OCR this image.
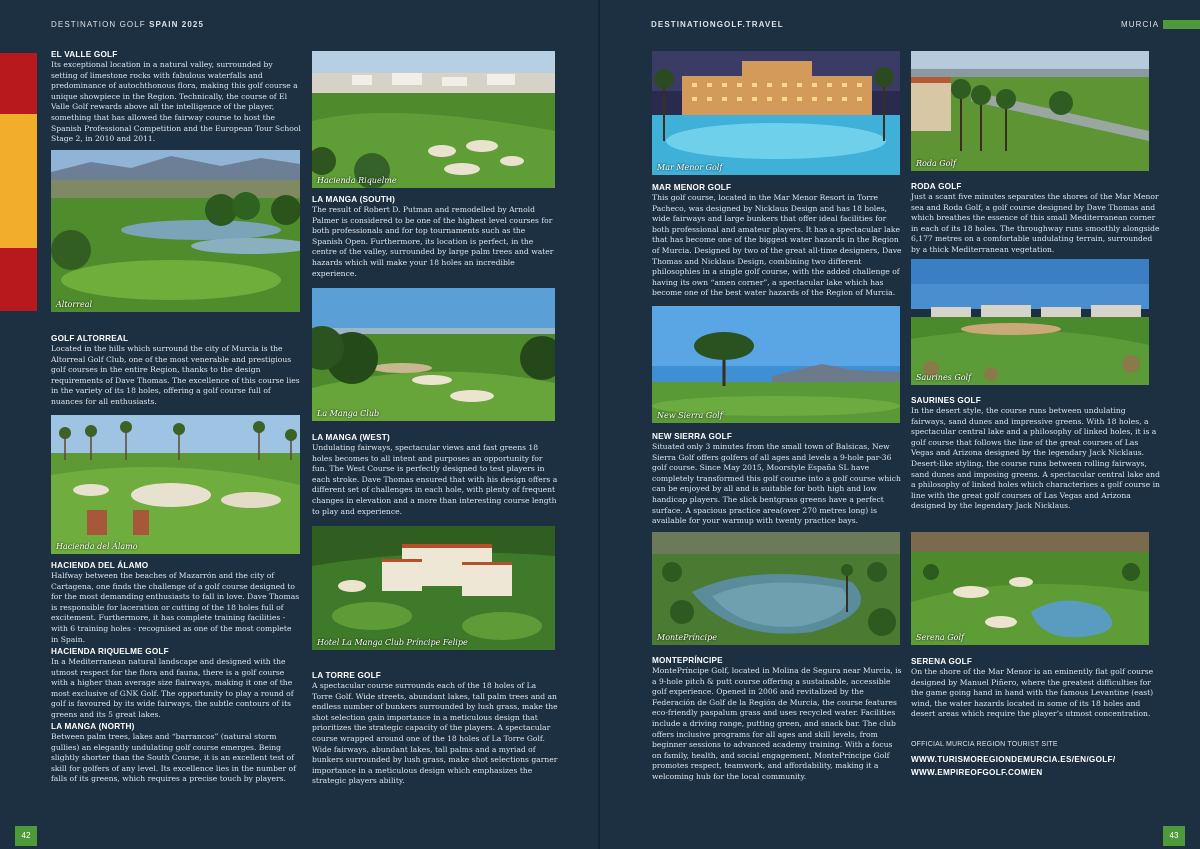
DESTINATION GOLF SPAIN 2025
EL VALLE GOLF
Its exceptional location in a natural valley, surrounded by setting of limestone rocks with fabulous waterfalls and predominance of autochthonous flora, making this golf course a unique showpiece in the Region. Technically, the course of El Valle Golf rewards above all the intelligence of the player, something that has allowed the fairway course to host the Spanish Professional Competition and the European Tour School Stage 2, in 2010 and 2011.
Altorreal
GOLF ALTORREAL
Located in the hills which surround the city of Murcia is the Altorreal Golf Club, one of the most venerable and prestigious golf courses in the entire Region, thanks to the design requirements of Dave Thomas. The excellence of this course lies in the variety of its 18 holes, offering a golf course full of nuances for all enthusiasts.
Hacienda del Álamo
HACIENDA DEL ÁLAMO
Halfway between the beaches of Mazarrón and the city of Cartagena, one finds the challenge of a golf course designed to for the most demanding enthusiasts to fall in love. Dave Thomas is responsible for laceration or cutting of the 18 holes full of excitement. Furthermore, it has complete training facilities - with 6 training holes - recognised as one of the most complete in Spain.
HACIENDA RIQUELME GOLF
In a Mediterranean natural landscape and designed with the utmost respect for the flora and fauna, there is a golf course with a higher than average size flairways, making it one of the most exclusive of GNK Golf. The opportunity to play a round of golf is favoured by its wide fairways, the subtle contours of its greens and its 5 great lakes.
LA MANGA (NORTH)
Between palm trees, lakes and “barrancos” (natural storm gullies) an elegantly undulating golf course emerges. Being slightly shorter than the South Course, it is an excellent test of skill for golfers of any level. Its excellence lies in the number of falls of its greens, which requires a precise touch by players.
Hacienda Riquelme
LA MANGA (SOUTH)
The result of Robert D. Putman and remodelled by Arnold Palmer is considered to be one of the highest level courses for both professionals and for top tournaments such as the Spanish Open. Furthermore, its location is perfect, in the centre of the valley, surrounded by large palm trees and water hazards which will make your 18 holes an incredible experience.
La Manga Club
LA MANGA (WEST)
Undulating fairways, spectacular views and fast greens 18 holes becomes to all intent and purposes an opportunity for fun. The West Course is perfectly designed to test players in each stroke. Dave Thomas ensured that with his design offers a different set of challenges in each hole, with plenty of frequent changes in elevation and a more than interesting course length to play and experience.
Hotel La Manga Club Príncipe Felipe
LA TORRE GOLF
A spectacular course surrounds each of the 18 holes of La Torre Golf. Wide streets, abundant lakes, tall palm trees and an endless number of bunkers surrounded by lush grass, make the shot selection gain importance in a meticulous design that prioritizes the strategic capacity of the players. A spectacular course wrapped around one of the 18 holes of La Torre Golf. Wide fairways, abundant lakes, tall palms and a myriad of bunkers surrounded by lush grass, make shot selections garner importance in a meticulous design which emphasizes the strategic players ability.
42
DESTINATIONGOLF.TRAVEL	MURCIA
Mar Menor Golf
MAR MENOR GOLF
This golf course, located in the Mar Menor Resort in Torre Pacheco, was designed by Nicklaus Design and has 18 holes, wide fairways and large bunkers that offer ideal facilities for both professional and amateur players. It has a spectacular lake that has become one of the biggest water hazards in the Region of Murcia. Designed by two of the great all-time designers, Dave Thomas and Nicklaus Design, combining two different philosophies in a single golf course, with the added challenge of having its own “amen corner”, a spectacular lake which has become one of the best water hazards of the Region of Murcia.
New Sierra Golf
NEW SIERRA GOLF
Situated only 3 minutes from the small town of Balsicas, New Sierra Golf offers golfers of all ages and levels a 9-hole par-36 golf course. Since May 2015, Moorstyle España SL have completely transformed this golf course into a golf course which can be enjoyed by all and is suitable for both high and low handicap players. The slick bentgrass greens have a perfect surface. A spacious practice area(over 270 metres long) is available for your warmup with twenty practice bays.
MontePríncipe
MONTEPRÍNCIPE
MontePríncipe Golf, located in Molina de Segura near Murcia, is a 9-hole pitch & putt course offering a sustainable, accessible golf experience. Opened in 2006 and revitalized by the Federación de Golf de la Región de Murcia, the course features eco-friendly paspalum grass and uses recycled water. Facilities include a driving range, putting green, and snack bar. The club offers inclusive programs for all ages and skill levels, from beginner sessions to advanced academy training. With a focus on family, health, and social engagement, MontePríncipe Golf promotes respect, teamwork, and affordability, making it a welcoming hub for the local community.
Roda Golf
RODA GOLF
Just a scant five minutes separates the shores of the Mar Menor sea and Roda Golf, a golf course designed by Dave Thomas and which breathes the essence of this small Mediterranean corner in each of its 18 holes. The throughway runs smoothly alongside 6,177 metres on a comfortable undulating terrain, surrounded by a thick Mediterranean vegetation.
Saurines Golf
SAURINES GOLF
In the desert style, the course runs between undulating fairways, sand dunes and impressive greens. With 18 holes, a spectacular central lake and a philosophy of linked holes, it is a golf course that follows the line of the great courses of Las Vegas and Arizona designed by the legendary Jack Nicklaus. Desert-like styling, the course runs between rolling fairways, sand dunes and imposing greens. A spectacular central lake and a philosophy of linked holes which characterises a golf course in line with the great golf courses of Las Vegas and Arizona designed by the legendary Jack Nicklaus.
Serena Golf
SERENA GOLF
On the shore of the Mar Menor is an eminently flat golf course designed by Manuel Piñero, where the greatest difficulties for the game going hand in hand with the famous Levantine (east) wind, the water hazards located in some of its 18 holes and desert areas which require the player’s utmost concentration.
OFFICIAL MURCIA REGION TOURIST SITE
WWW.TURISMOREGIONDEMURCIA.ES/EN/GOLF/
WWW.EMPIREOFGOLF.COM/EN
43
